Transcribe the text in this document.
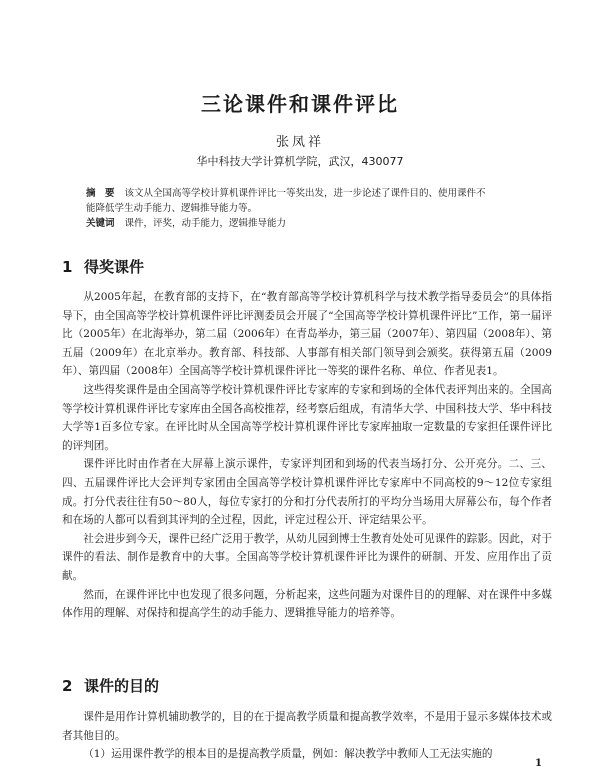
三论课件和课件评比
张凤祥
华中科技大学计算机学院，武汉，430077
摘　要 该文从全国高等学校计算机课件评比一等奖出发，进一步论述了课件目的、使用课件不
能降低学生动手能力、逻辑推导能力等。
关键词 课件，评奖，动手能力，逻辑推导能力
1 得奖课件

从2005年起，在教育部的支持下，在“教育部高等学校计算机科学与技术教学指导委员会”的具体指导下，由全国高等学校计算机课件评比评测委员会开展了“全国高等学校计算机课件评比”工作，第一届评比（2005年）在北海举办，第二届（2006年）在青岛举办，第三届（2007年）、第四届（2008年）、第五届（2009年）在北京举办。教育部、科技部、人事部有相关部门领导到会颁奖。获得第五届（2009年）、第四届（2008年）全国高等学校计算机课件评比一等奖的课件名称、单位、作者见表1。

这些得奖课件是由全国高等学校计算机课件评比专家库的专家和到场的全体代表评判出来的。全国高等学校计算机课件评比专家库由全国各高校推荐，经考察后组成，有清华大学、中国科技大学、华中科技大学等1百多位专家。在评比时从全国高等学校计算机课件评比专家库抽取一定数量的专家担任课件评比的评判团。

课件评比时由作者在大屏幕上演示课件，专家评判团和到场的代表当场打分、公开亮分。二、三、四、五届课件评比大会评判专家团由全国高等学校计算机课件评比专家库中不同高校的9～12位专家组成。打分代表往往有50～80人，每位专家打的分和打分代表所打的平均分当场用大屏幕公布，每个作者和在场的人都可以看到其评判的全过程，因此，评定过程公开、评定结果公平。

社会进步到今天，课件已经广泛用于教学，从幼儿园到博士生教育处处可见课件的踪影。因此，对于课件的看法、制作是教育中的大事。全国高等学校计算机课件评比为课件的研制、开发、应用作出了贡献。

然而，在课件评比中也发现了很多问题，分析起来，这些问题为对课件目的的理解、对在课件中多媒体作用的理解、对保持和提高学生的动手能力、逻辑推导能力的培养等。

2 课件的目的

课件是用作计算机辅助教学的，目的在于提高教学质量和提高教学效率，不是用于显示多媒体技术或者其他目的。

（1）运用课件教学的根本目的是提高教学质量，例如：解决教学中教师人工无法实施的

1
